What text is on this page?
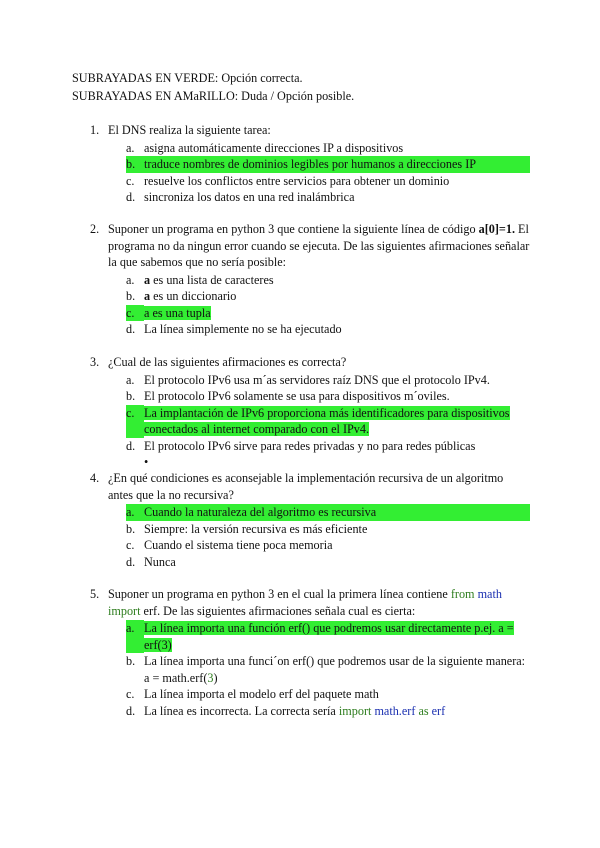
SUBRAYADAS EN VERDE: Opción correcta.
SUBRAYADAS EN AMaRILLO: Duda / Opción posible.
1. El DNS realiza la siguiente tarea:
a. asigna automáticamente direcciones IP a dispositivos
b. traduce nombres de dominios legibles por humanos a direcciones IP
c. resuelve los conflictos entre servicios para obtener un dominio
d. sincroniza los datos en una red inalámbrica
2. Suponer un programa en python 3 que contiene la siguiente línea de código a[0]=1. El programa no da ningun error cuando se ejecuta. De las siguientes afirmaciones señalar la que sabemos que no sería posible:
a. a es una lista de caracteres
b. a es un diccionario
c. a es una tupla
d. La línea simplemente no se ha ejecutado
3. ¿Cual de las siguientes afirmaciones es correcta?
a. El protocolo IPv6 usa m´as servidores raíz DNS que el protocolo IPv4.
b. El protocolo IPv6 solamente se usa para dispositivos m´oviles.
c. La implantación de IPv6 proporciona más identificadores para dispositivos conectados al internet comparado con el IPv4.
d. El protocolo IPv6 sirve para redes privadas y no para redes públicas
•
4. ¿En qué condiciones es aconsejable la implementación recursiva de un algoritmo antes que la no recursiva?
a. Cuando la naturaleza del algoritmo es recursiva
b. Siempre: la versión recursiva es más eficiente
c. Cuando el sistema tiene poca memoria
d. Nunca
5. Suponer un programa en python 3 en el cual la primera línea contiene from math import erf. De las siguientes afirmaciones señala cual es cierta:
a. La línea importa una función erf() que podremos usar directamente p.ej. a = erf(3)
b. La línea importa una funci´on erf() que podremos usar de la siguiente manera: a = math.erf(3)
c. La línea importa el modelo erf del paquete math
d. La línea es incorrecta. La correcta sería import math.erf as erf
